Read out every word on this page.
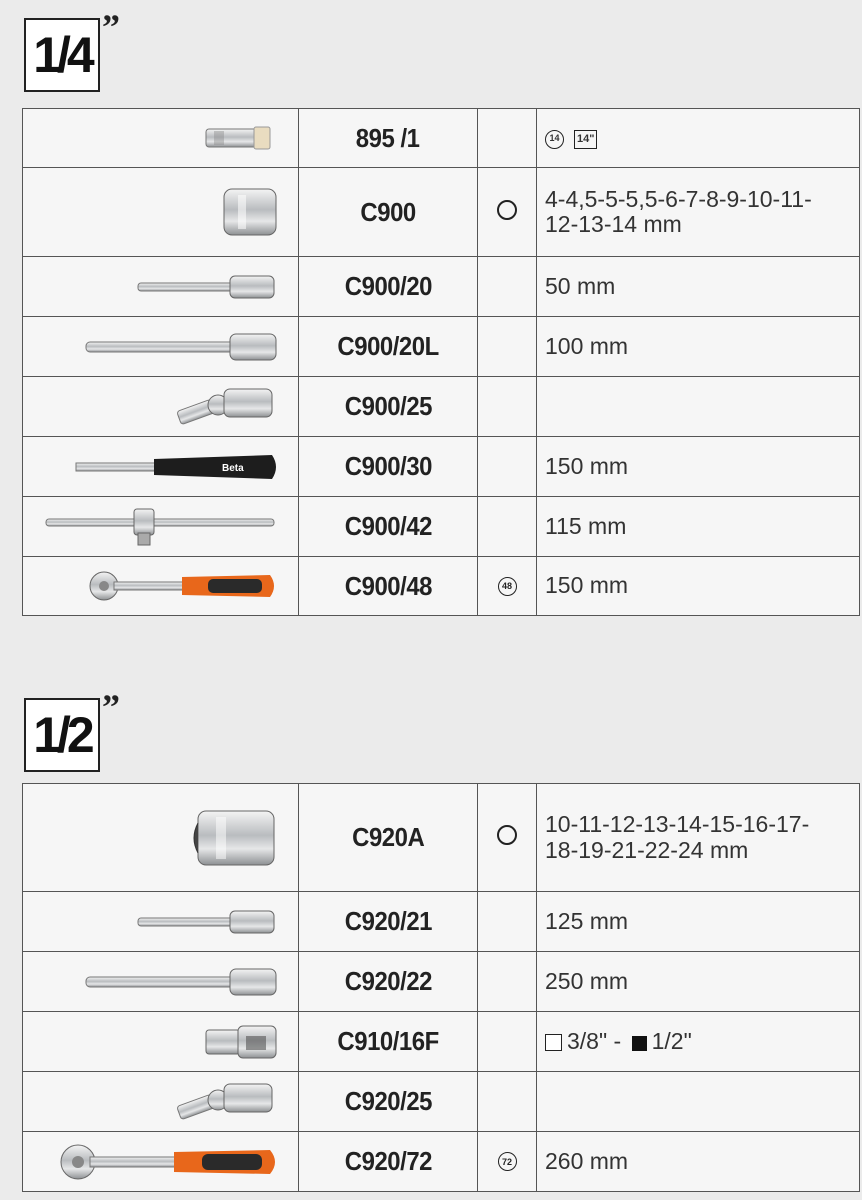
1/4 ”
	895 /1		14 14"
	C900		4-4,5-5-5,5-6-7-8-9-10-11-12-13-14 mm
	C900/20		50 mm
	C900/20L		100 mm
	C900/25		

Beta	C900/30		150 mm
	C900/42		115 mm
	C900/48	48	150 mm
1/2 ”
	C920A		10-11-12-13-14-15-16-17-18-19-21-22-24 mm
	C920/21		125 mm
	C920/22		250 mm
	C910/16F		3/8" - 1/2"
	C920/25		
	C920/72	72	260 mm
